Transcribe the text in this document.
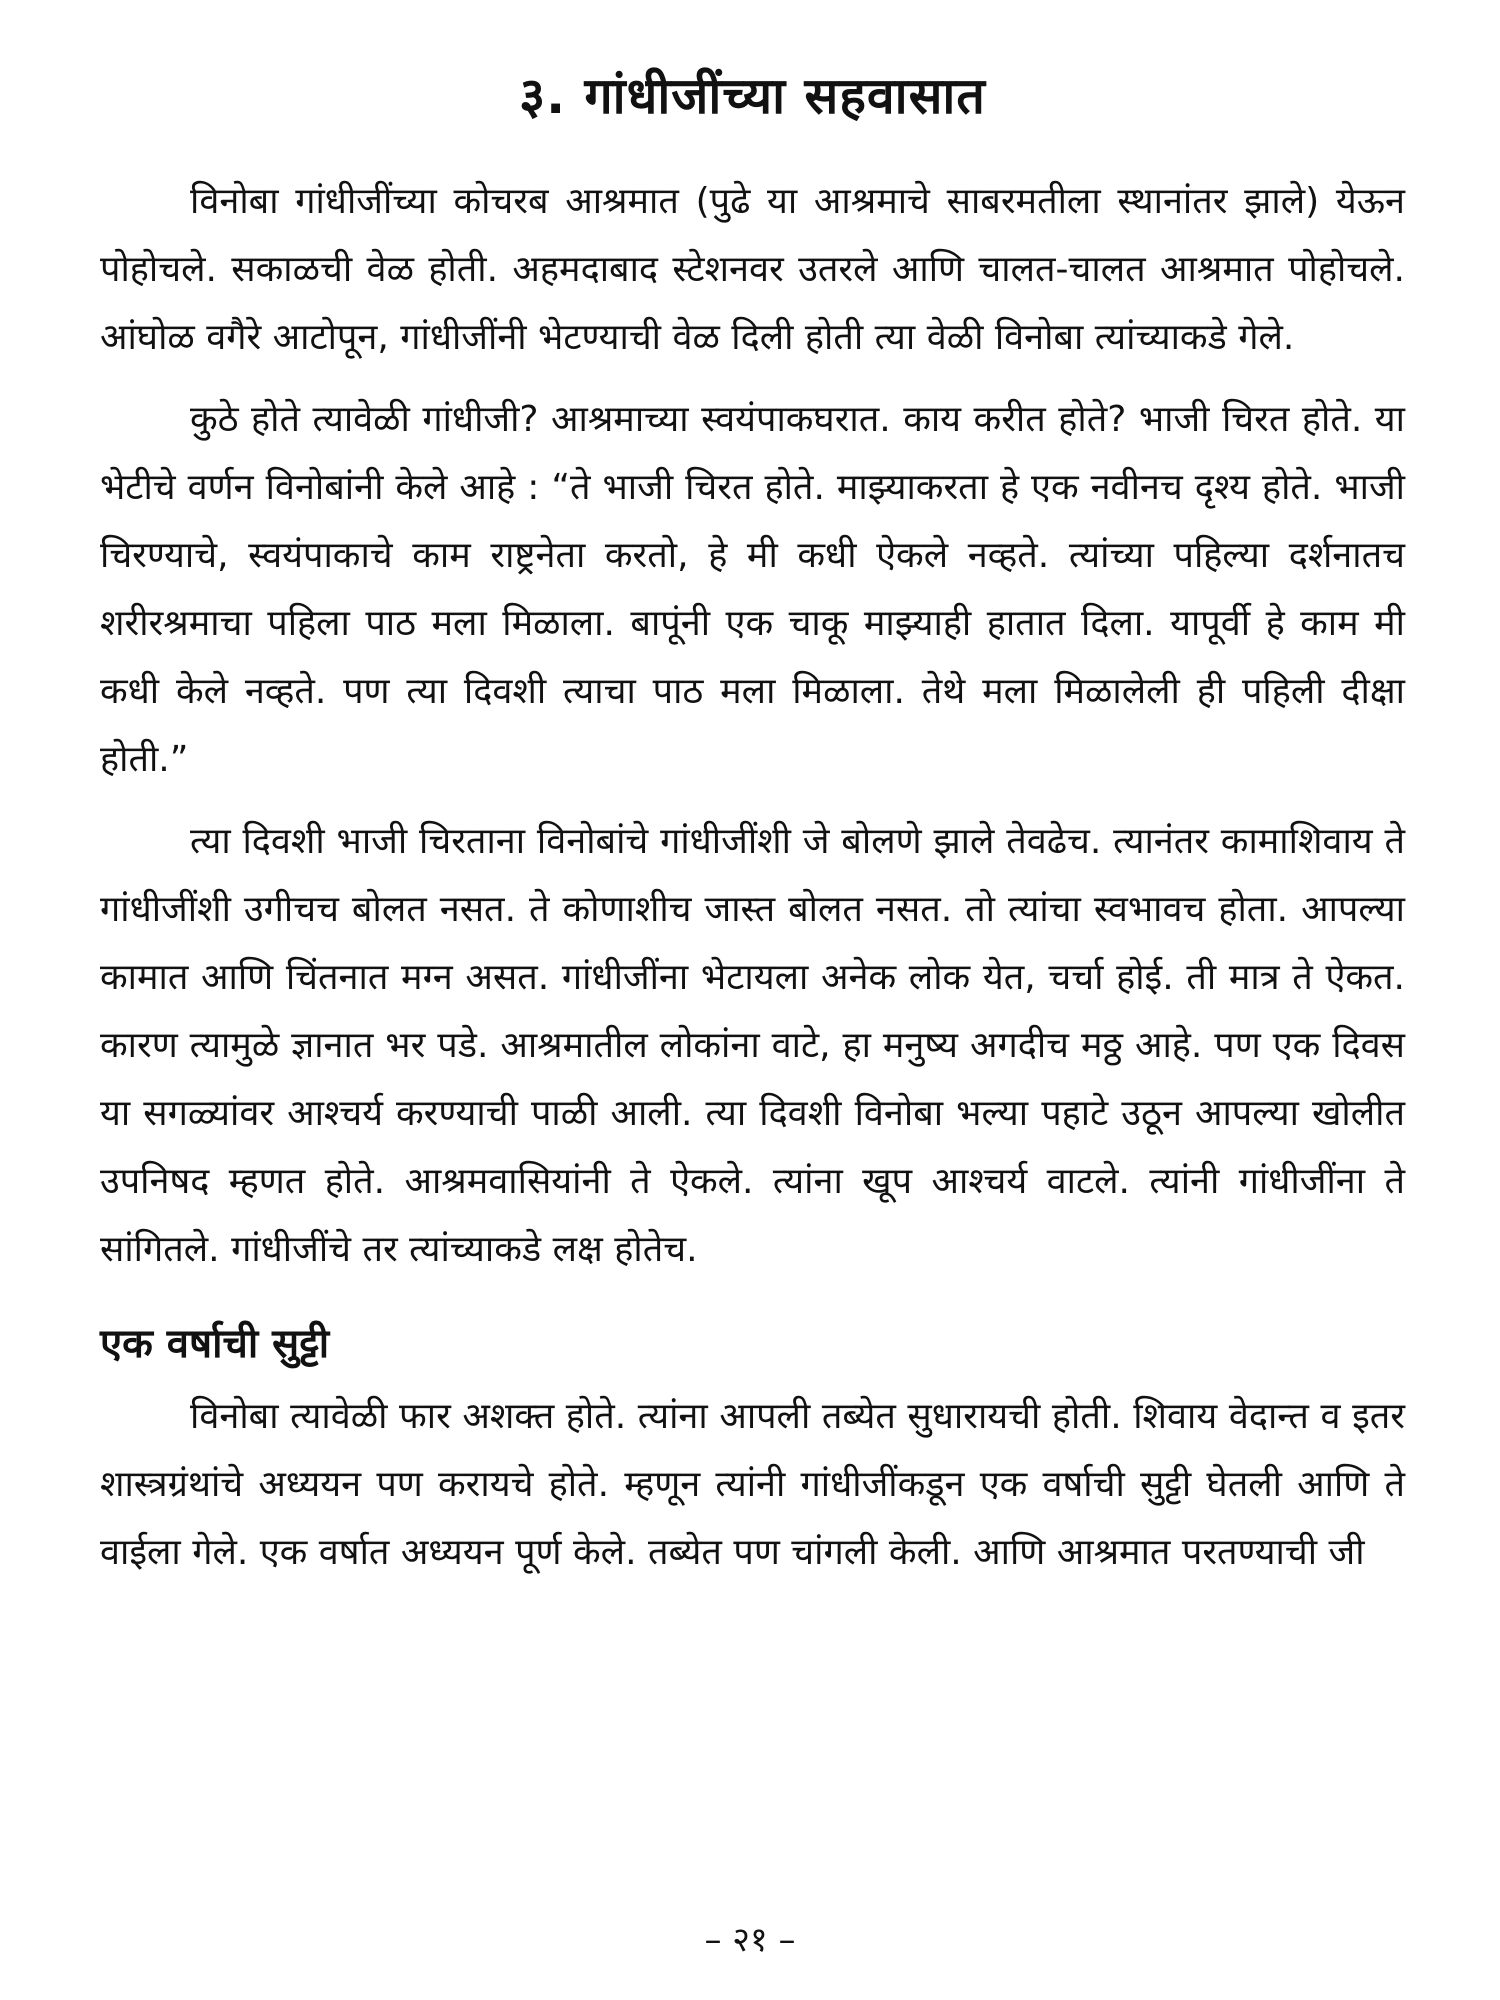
३. गांधीजींच्या सहवासात

विनोबा गांधीजींच्या कोचरब आश्रमात (पुढे या आश्रमाचे साबरमतीला स्थानांतर झाले) येऊन पोहोचले. सकाळची वेळ होती. अहमदाबाद स्टेशनवर उतरले आणि चालत-चालत आश्रमात पोहोचले. आंघोळ वगैरे आटोपून, गांधीजींनी भेटण्याची वेळ दिली होती त्या वेळी विनोबा त्यांच्याकडे गेले.

कुठे होते त्यावेळी गांधीजी? आश्रमाच्या स्वयंपाकघरात. काय करीत होते? भाजी चिरत होते. या भेटीचे वर्णन विनोबांनी केले आहे : “ते भाजी चिरत होते. माझ्याकरता हे एक नवीनच दृश्य होते. भाजी चिरण्याचे, स्वयंपाकाचे काम राष्ट्रनेता करतो, हे मी कधी ऐकले नव्हते. त्यांच्या पहिल्या दर्शनातच शरीरश्रमाचा पहिला पाठ मला मिळाला. बापूंनी एक चाकू माझ्याही हातात दिला. यापूर्वी हे काम मी कधी केले नव्हते. पण त्या दिवशी त्याचा पाठ मला मिळाला. तेथे मला मिळालेली ही पहिली दीक्षा होती.”

त्या दिवशी भाजी चिरताना विनोबांचे गांधीजींशी जे बोलणे झाले तेवढेच. त्यानंतर कामाशिवाय ते गांधीजींशी उगीचच बोलत नसत. ते कोणाशीच जास्त बोलत नसत. तो त्यांचा स्वभावच होता. आपल्या कामात आणि चिंतनात मग्न असत. गांधीजींना भेटायला अनेक लोक येत, चर्चा होई. ती मात्र ते ऐकत. कारण त्यामुळे ज्ञानात भर पडे. आश्रमातील लोकांना वाटे, हा मनुष्य अगदीच मठ्ठ आहे. पण एक दिवस या सगळ्यांवर आश्चर्य करण्याची पाळी आली. त्या दिवशी विनोबा भल्या पहाटे उठून आपल्या खोलीत उपनिषद म्हणत होते. आश्रमवासियांनी ते ऐकले. त्यांना खूप आश्चर्य वाटले. त्यांनी गांधीजींना ते सांगितले. गांधीजींचे तर त्यांच्याकडे लक्ष होतेच.

एक वर्षाची सुट्टी

विनोबा त्यावेळी फार अशक्त होते. त्यांना आपली तब्येत सुधारायची होती. शिवाय वेदान्त व इतर शास्त्रग्रंथांचे अध्ययन पण करायचे होते. म्हणून त्यांनी गांधीजींकडून एक वर्षाची सुट्टी घेतली आणि ते वाईला गेले. एक वर्षात अध्ययन पूर्ण केले. तब्येत पण चांगली केली. आणि आश्रमात परतण्याची जी

– २१ –
